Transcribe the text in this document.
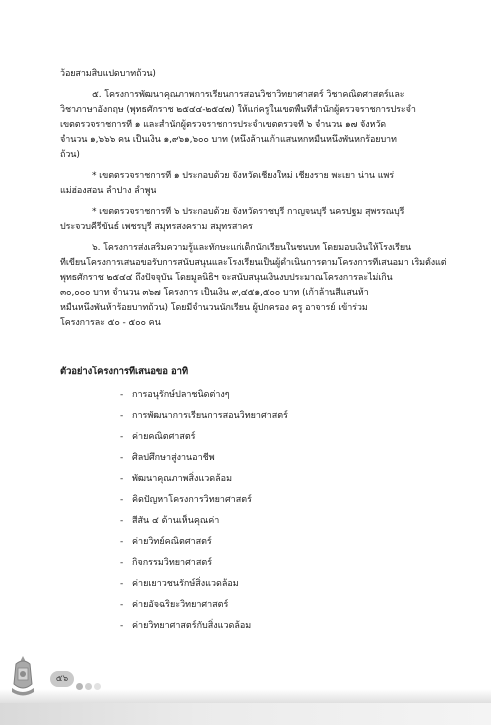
ว้อยสามสิบแปดบาทถ้วน)
๕. โครงการพัฒนาคุณภาพการเรียนการสอนวิชาวิทยาศาสตร์ วิชาคณิตศาสตร์และ
วิชาภาษาอังกฤษ (พุทธศักราช ๒๕๔๔-๒๕๔๗) ให้แก่ครูในเขตพื้นที่สำนักผู้ตรวจราชการประจำ
เขตตรวจราชการที่ ๑ และสำนักผู้ตรวจราชการประจำเขตตรวจที่ ๖ จำนวน ๑๗ จังหวัด
จำนวน ๑,๖๖๖ คน เป็นเงิน ๑,๙๖๑,๖๐๐ บาท (หนึ่งล้านเก้าแสนหกหมื่นหนึ่งพันหกร้อยบาท
ถ้วน)
* เขตตรวจราชการที่ ๑ ประกอบด้วย จังหวัดเชียงใหม่ เชียงราย พะเยา น่าน แพร่
แม่ฮ่องสอน ลำปาง ลำพูน
* เขตตรวจราชการที่ ๖ ประกอบด้วย จังหวัดราชบุรี กาญจนบุรี นครปฐม สุพรรณบุรี
ประจวบคีรีขันธ์ เพชรบุรี สมุทรสงคราม สมุทรสาคร
๖. โครงการส่งเสริมความรู้และทักษะแก่เด็กนักเรียนในชนบท โดยมอบเงินให้โรงเรียน
ที่เขียนโครงการเสนอขอรับการสนับสนุนและโรงเรียนเป็นผู้ดำเนินการตามโครงการที่เสนอมา เริ่มตั้งแต่
พุทธศักราช ๒๕๔๔ ถึงปัจจุบัน โดยมูลนิธิฯ จะสนับสนุนเงินงบประมาณโครงการละไม่เกิน
๓๐,๐๐๐ บาท จำนวน ๓๖๗ โครงการ เป็นเงิน ๙,๔๕๑,๕๐๐ บาท (เก้าล้านสี่แสนห้า
หมื่นหนึ่งพันห้าร้อยบาทถ้วน) โดยมีจำนวนนักเรียน ผู้ปกครอง ครู อาจารย์ เข้าร่วม
โครงการละ ๕๐ - ๕๐๐ คน
ตัวอย่างโครงการที่เสนอขอ อาทิ
- การอนุรักษ์ปลาชนิดต่างๆ
- การพัฒนาการเรียนการสอนวิทยาศาสตร์
- ค่ายคณิตศาสตร์
- ศิลปศึกษาสู่งานอาชีพ
- พัฒนาคุณภาพสิ่งแวดล้อม
- คิดปัญหาโครงการวิทยาศาสตร์
- สีสัน ๔ ด้านเห็นคุณค่า
- ค่ายวิทย์คณิตศาสตร์
- กิจกรรมวิทยาศาสตร์
- ค่ายเยาวชนรักษ์สิ่งแวดล้อม
- ค่ายอัจฉริยะวิทยาศาสตร์
- ค่ายวิทยาศาสตร์กับสิ่งแวดล้อม
๕๖
